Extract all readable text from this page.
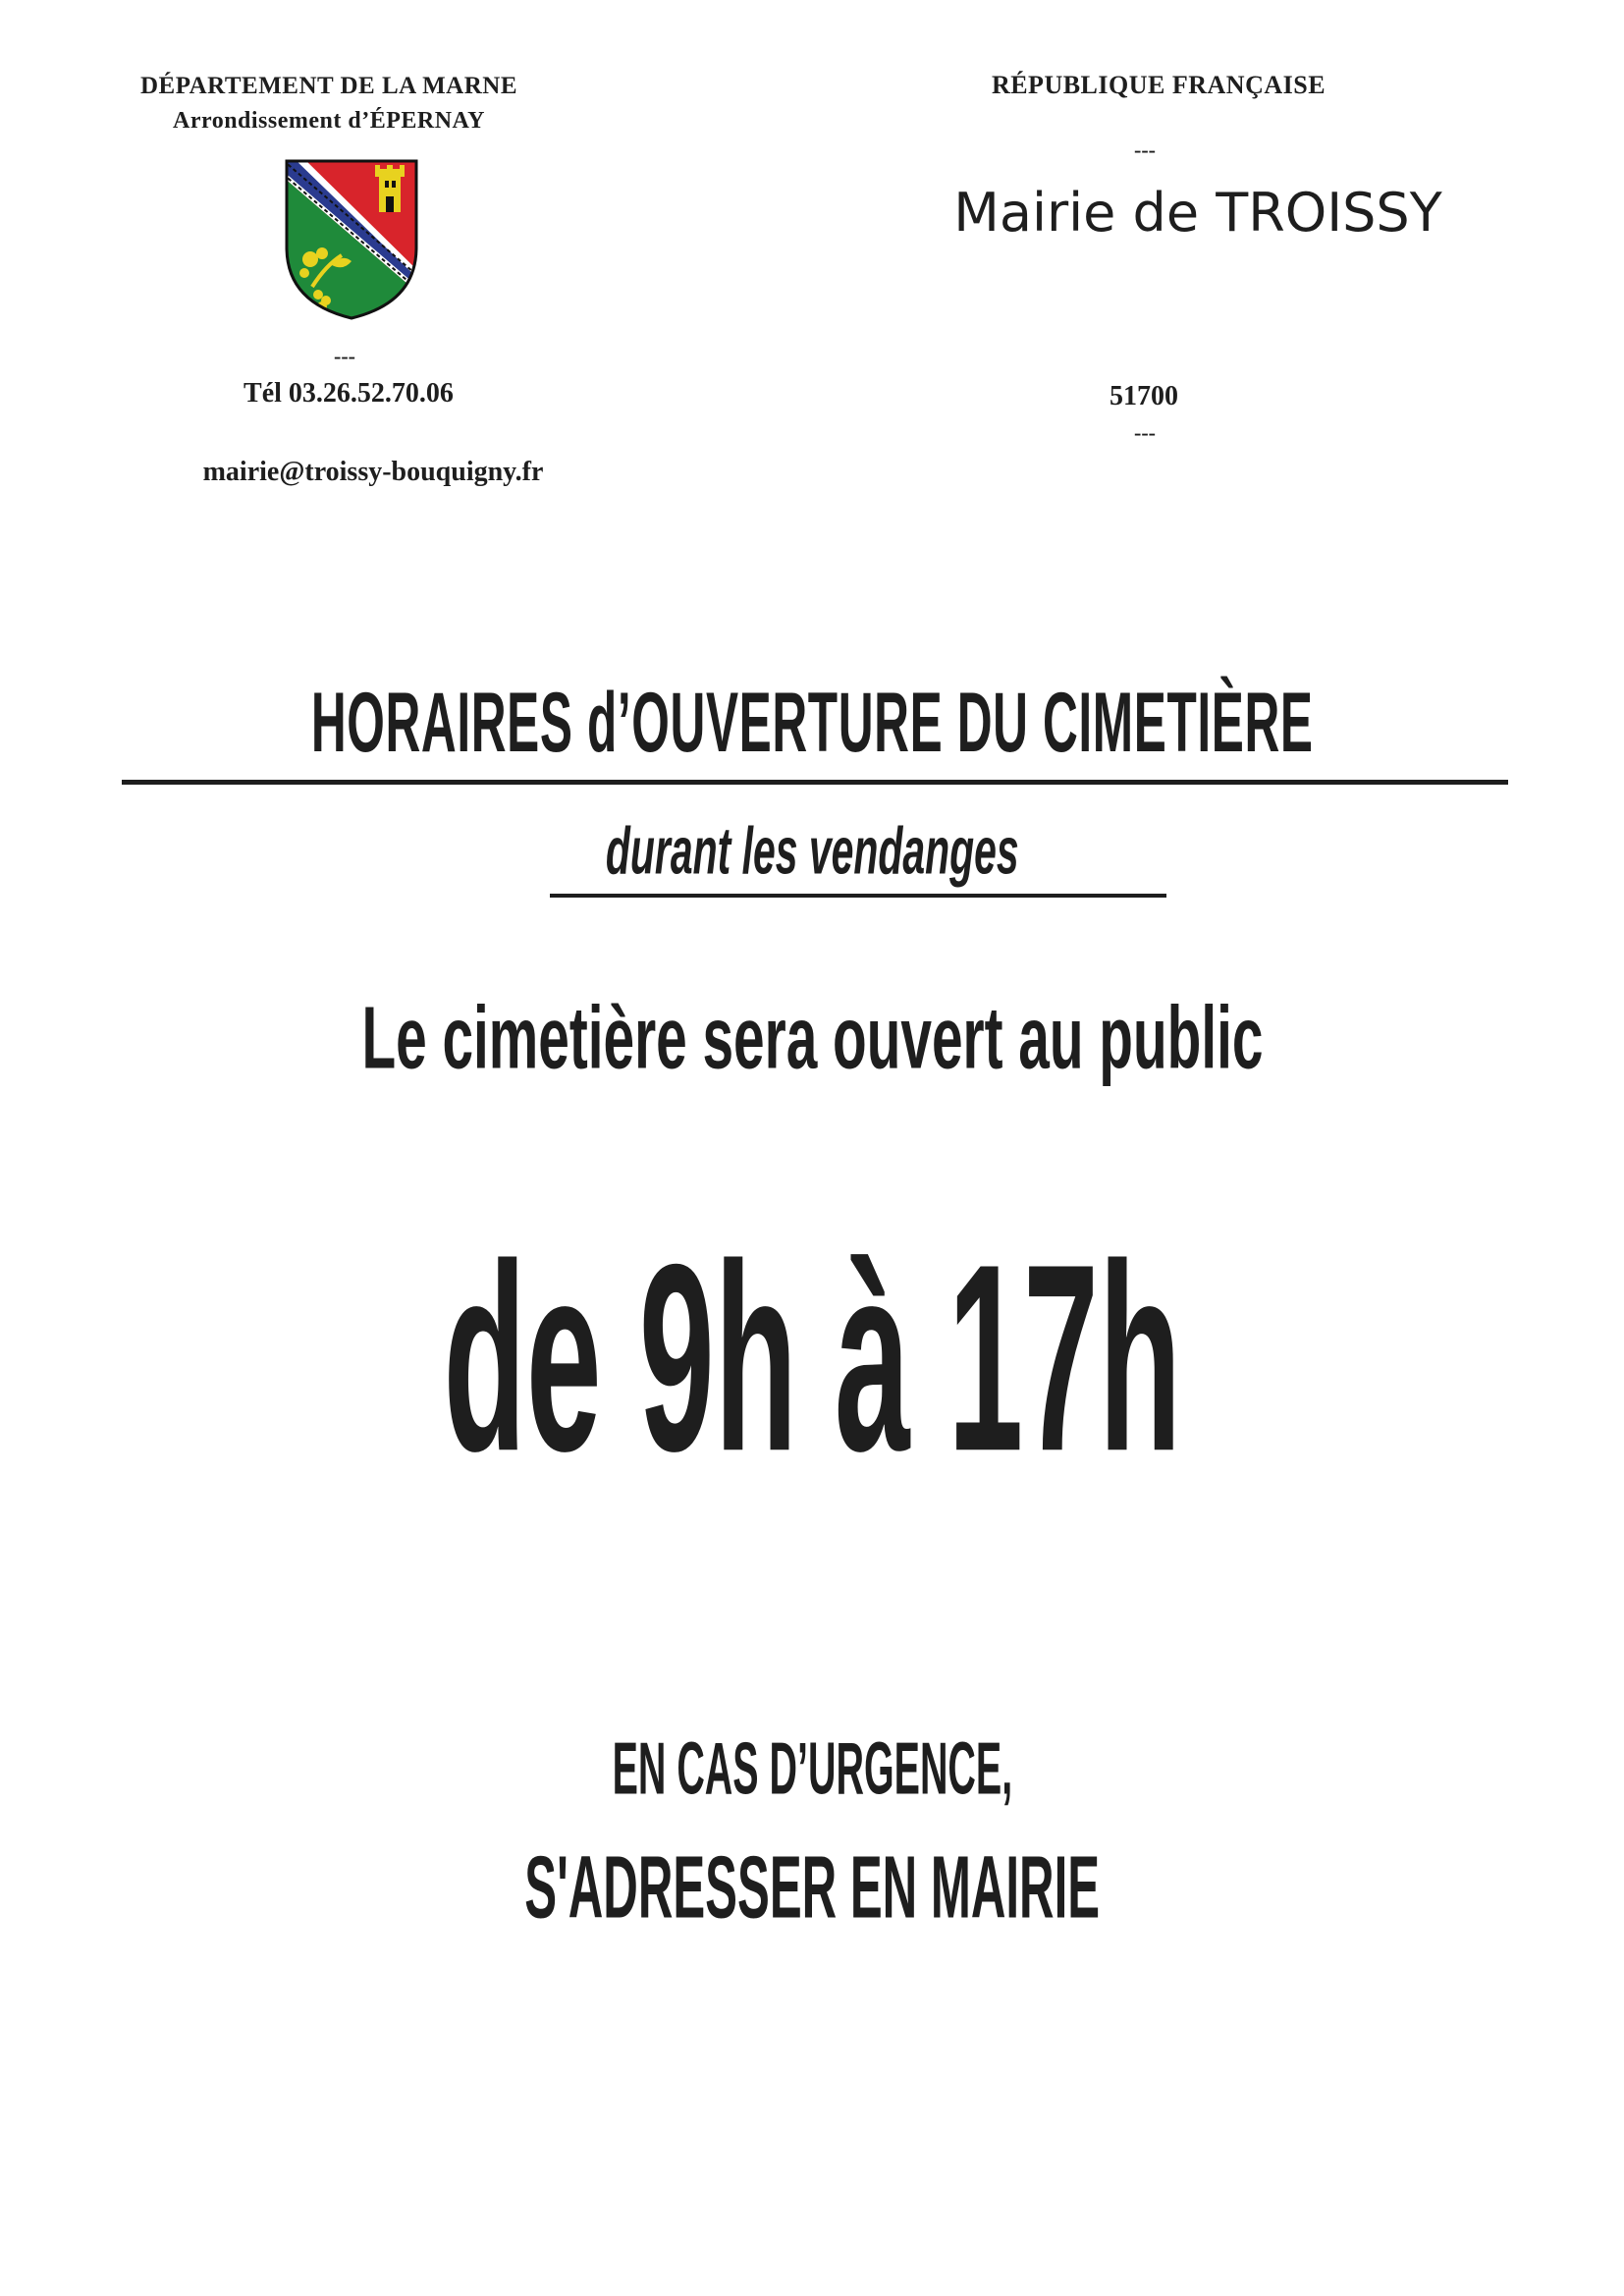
DÉPARTEMENT DE LA MARNE
Arrondissement d’ÉPERNAY
---
Tél 03.26.52.70.06
mairie@troissy-bouquigny.fr
RÉPUBLIQUE FRANÇAISE
---
Mairie de TROISSY
51700
---
HORAIRES d’OUVERTURE DU CIMETIÈRE
durant les vendanges
Le cimetière sera ouvert au public
de 9h à 17h
EN CAS D’URGENCE,
S'ADRESSER EN MAIRIE
